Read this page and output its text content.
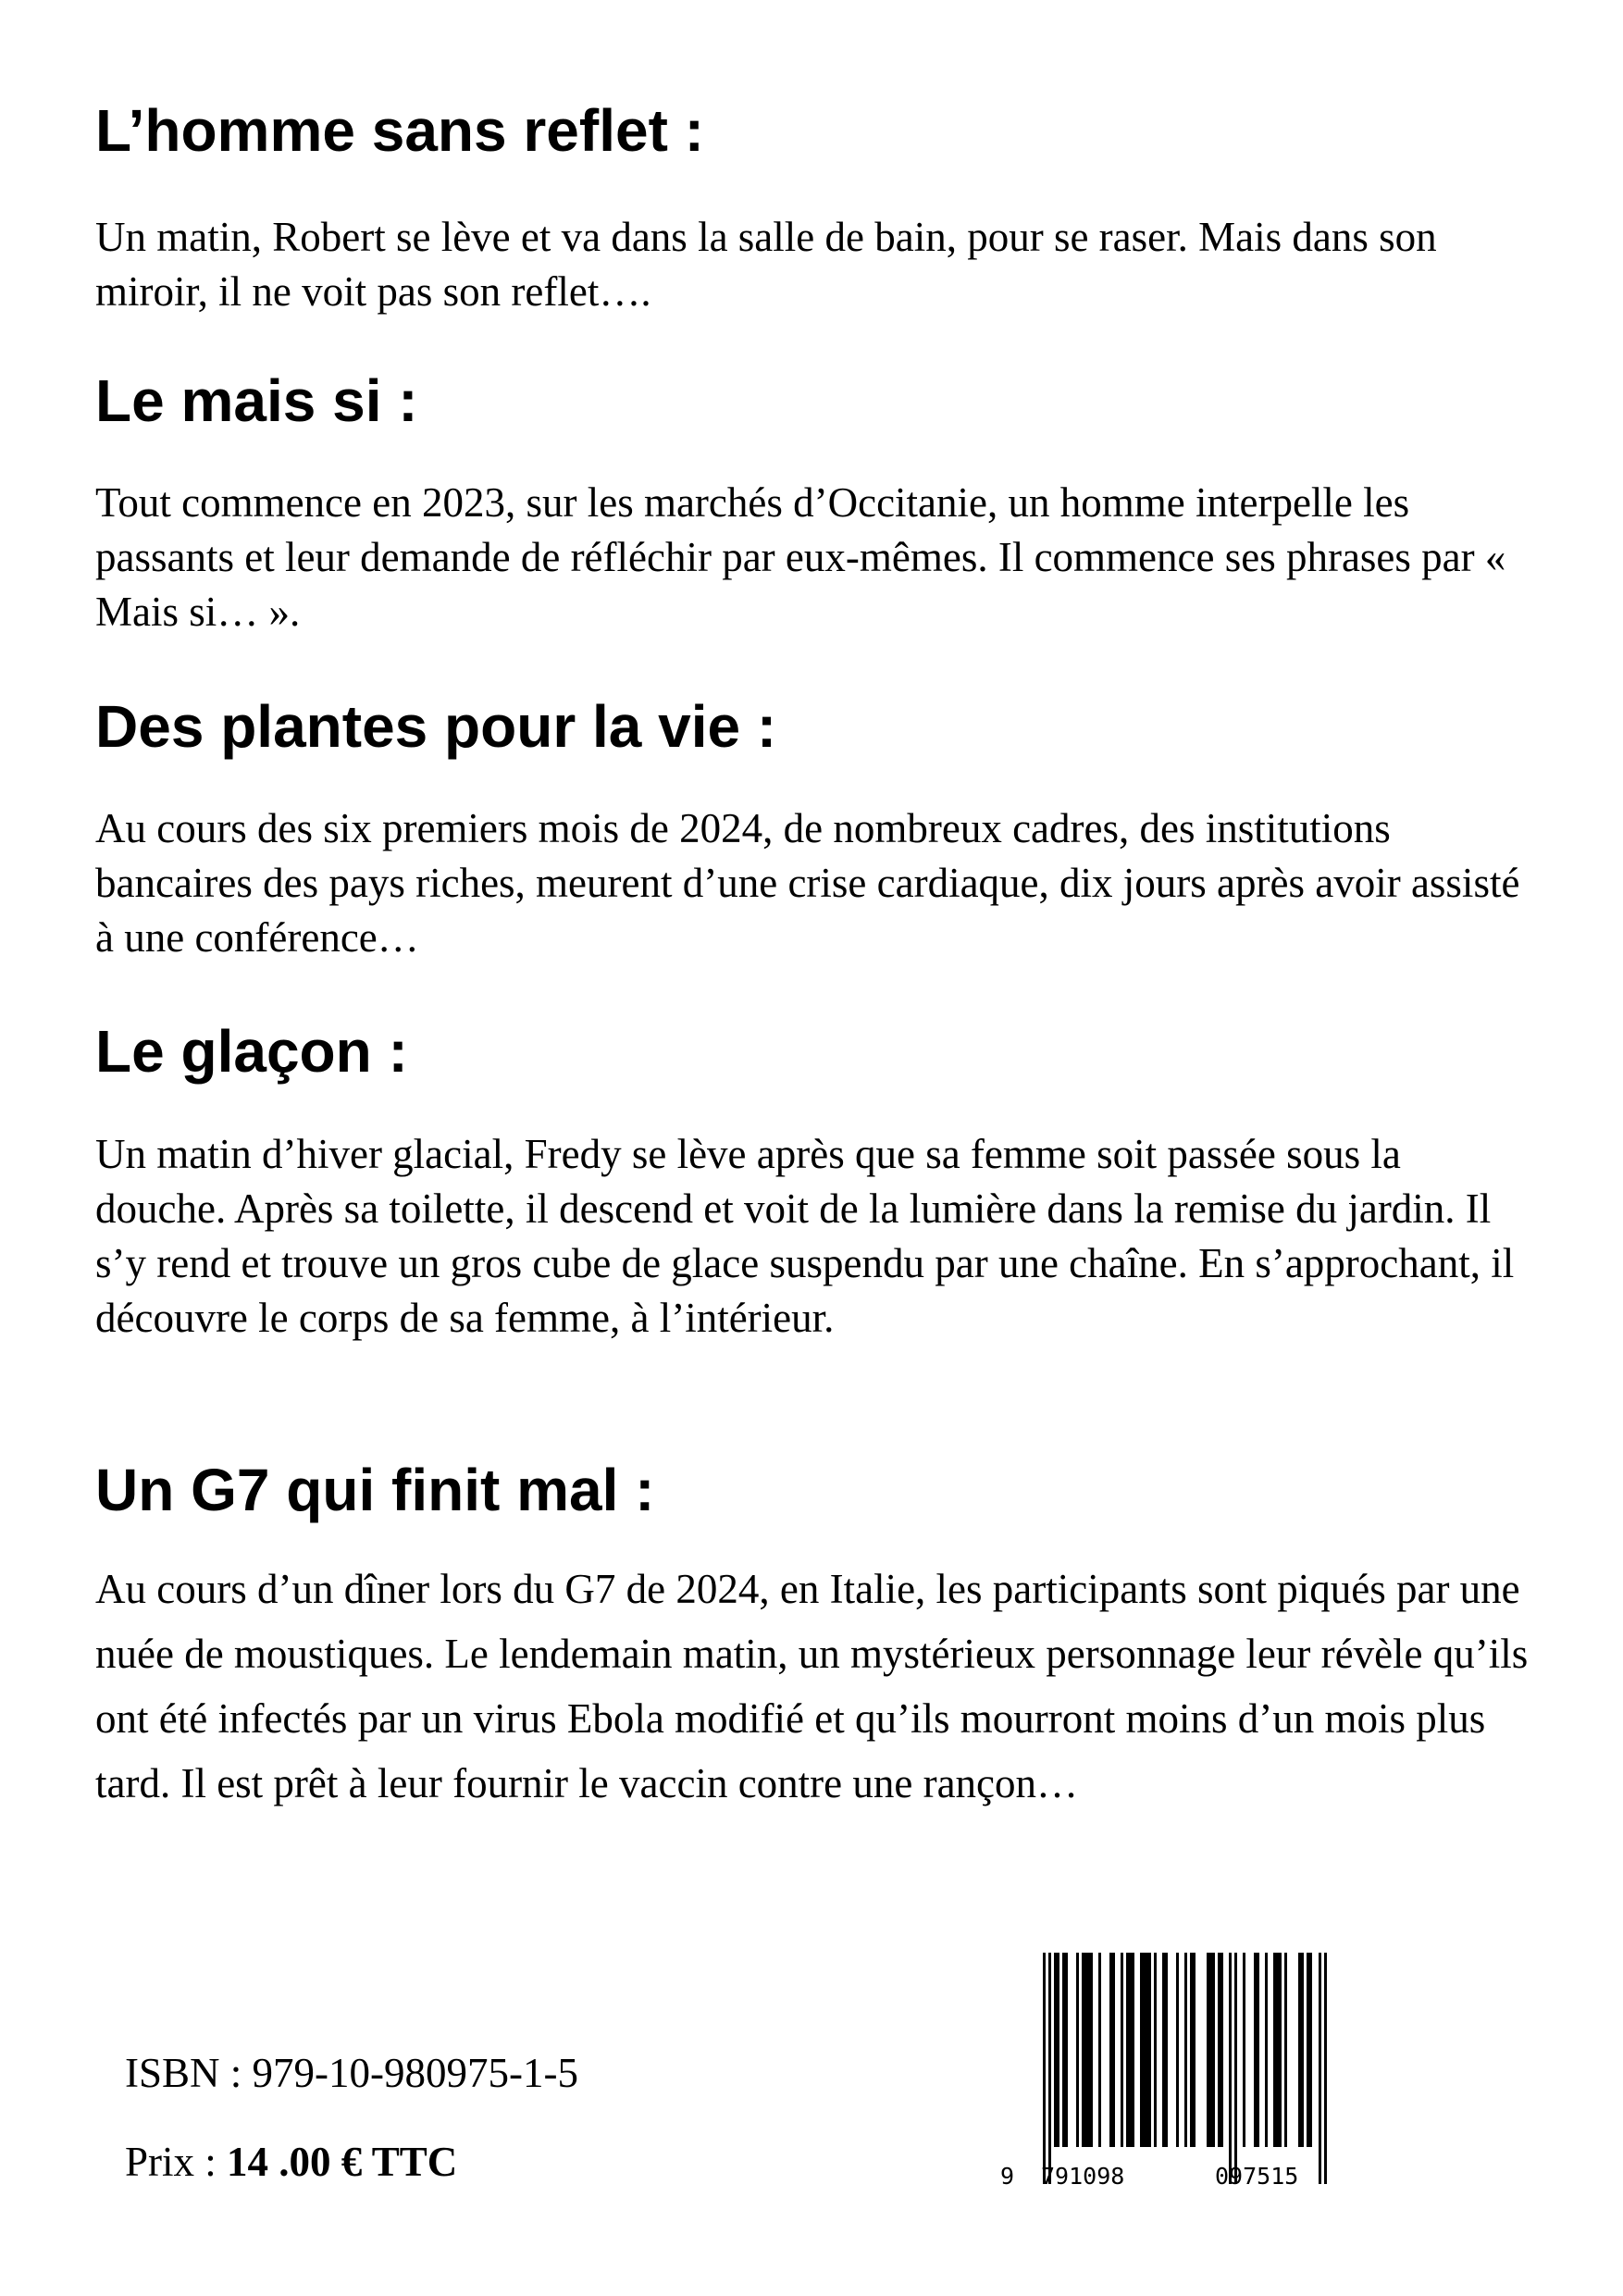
L’homme sans reflet :

Un matin, Robert se lève et va dans la salle de bain, pour se raser. Mais dans son miroir, il ne voit pas son reflet….

Le mais si :

Tout commence en 2023, sur les marchés d’Occitanie, un homme interpelle les passants et leur demande de réfléchir par eux-mêmes. Il commence ses phrases par « Mais si… ».

Des plantes pour la vie :

Au cours des six premiers mois de 2024, de nombreux cadres, des institutions bancaires des pays riches, meurent d’une crise cardiaque, dix jours après avoir assisté à une conférence…

Le glaçon :

Un matin d’hiver glacial, Fredy se lève après que sa femme soit passée sous la douche. Après sa toilette, il descend et voit de la lumière dans la remise du jardin. Il s’y rend et trouve un gros cube de glace suspendu par une chaîne. En s’approchant, il découvre le corps de sa femme, à l’intérieur.

Un G7 qui finit mal :

Au cours d’un dîner lors du G7 de 2024, en Italie, les participants sont piqués par une nuée de moustiques. Le lendemain matin, un mystérieux personnage leur révèle qu’ils ont été infectés par un virus Ebola modifié et qu’ils mourront moins d’un mois plus tard. Il est prêt à leur fournir le vaccin contre une rançon…

ISBN : 979-10-980975-1-5
Prix : 14 .00 € TTC	9 791098	097515
